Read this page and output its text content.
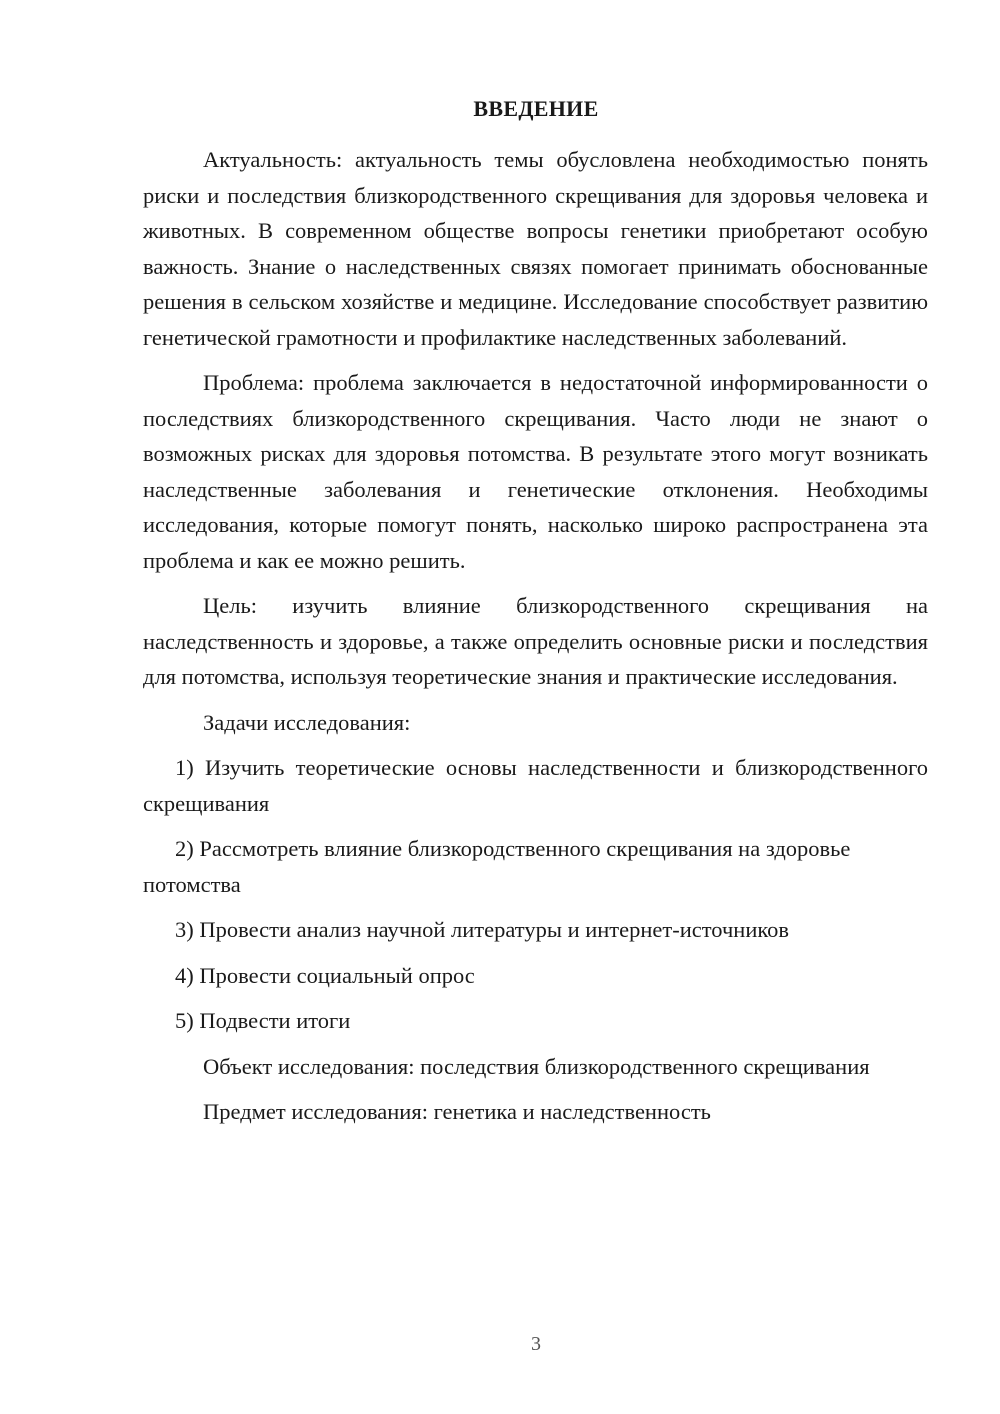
ВВЕДЕНИЕ

Актуальность: актуальность темы обусловлена необходимостью понять риски и последствия близкородственного скрещивания для здоровья человека и животных. В современном обществе вопросы генетики приобретают особую важность. Знание о наследственных связях помогает принимать обоснованные решения в сельском хозяйстве и медицине. Исследование способствует развитию генетической грамотности и профилактике наследственных заболеваний.

Проблема: проблема заключается в недостаточной информированности о последствиях близкородственного скрещивания. Часто люди не знают о возможных рисках для здоровья потомства. В результате этого могут возникать наследственные заболевания и генетические отклонения. Необходимы исследования, которые помогут понять, насколько широко распространена эта проблема и как ее можно решить.

Цель: изучить влияние близкородственного скрещивания на наследственность и здоровье, а также определить основные риски и последствия для потомства, используя теоретические знания и практические исследования.

Задачи исследования:

1) Изучить теоретические основы наследственности и близкородственного скрещивания

2) Рассмотреть влияние близкородственного скрещивания на здоровье потомства

3) Провести анализ научной литературы и интернет-источников

4) Провести социальный опрос

5) Подвести итоги

Объект исследования: последствия близкородственного скрещивания

Предмет исследования: генетика и наследственность

3
